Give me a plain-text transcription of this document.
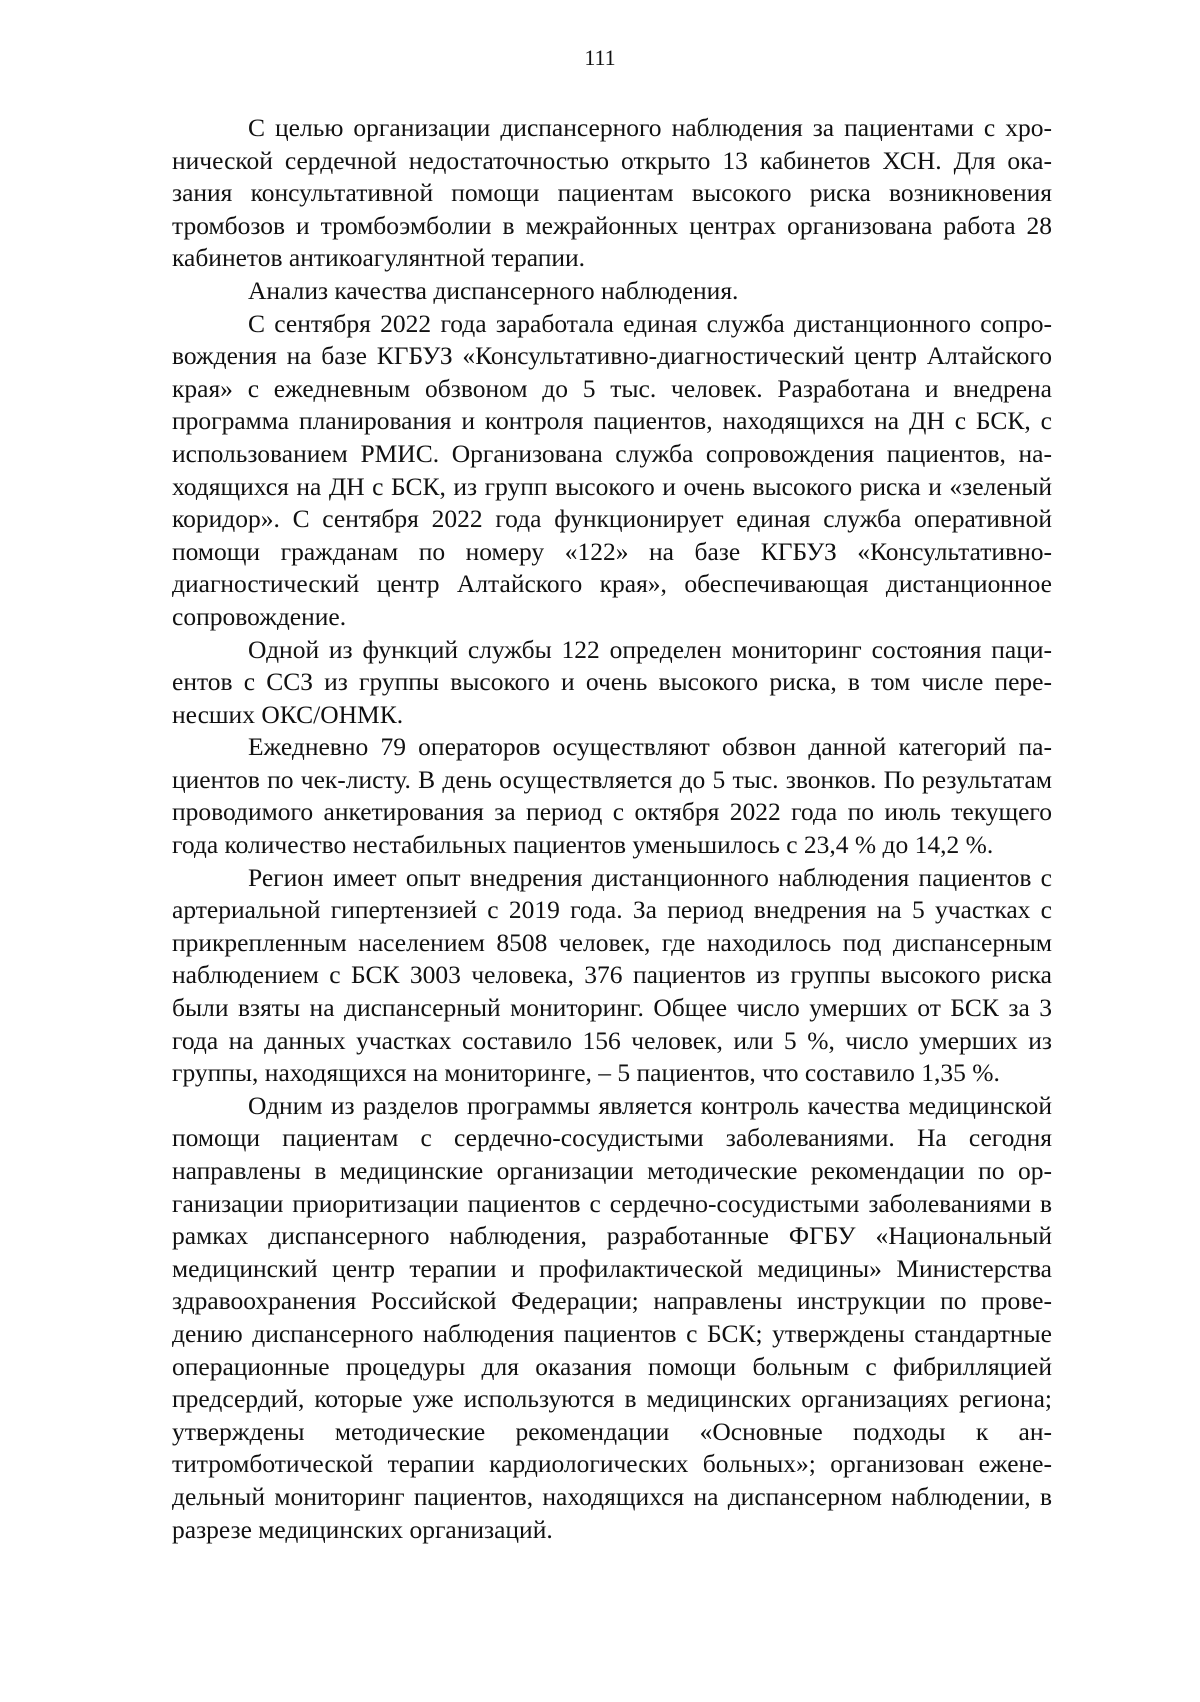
111

С целью организации диспансерного наблюдения за пациентами с хронической сердечной недостаточностью открыто 13 кабинетов ХСН. Для оказания консультативной помощи пациентам высокого риска возникновения тромбозов и тромбоэмболии в межрайонных центрах организована работа 28 кабинетов антикоагулянтной терапии.

Анализ качества диспансерного наблюдения.

С сентября 2022 года заработала единая служба дистанционного сопровождения на базе КГБУЗ «Консультативно-диагностический центр Алтайского края» с ежедневным обзвоном до 5 тыс. человек. Разработана и внедрена программа планирования и контроля пациентов, находящихся на ДН с БСК, с использованием РМИС. Организована служба сопровождения пациентов, находящихся на ДН с БСК, из групп высокого и очень высокого риска и «зеленый коридор». С сентября 2022 года функционирует единая служба оперативной помощи гражданам по номеру «122» на базе КГБУЗ «Консультативно-диагностический центр Алтайского края», обеспечивающая дистанционное сопровождение.

Одной из функций службы 122 определен мониторинг состояния пациентов с ССЗ из группы высокого и очень высокого риска, в том числе перенесших ОКС/ОНМК.

Ежедневно 79 операторов осуществляют обзвон данной категорий пациентов по чек-листу. В день осуществляется до 5 тыс. звонков. По результатам проводимого анкетирования за период с октября 2022 года по июль текущего года количество нестабильных пациентов уменьшилось с 23,4 % до 14,2 %.

Регион имеет опыт внедрения дистанционного наблюдения пациентов с артериальной гипертензией с 2019 года. За период внедрения на 5 участках с прикрепленным населением 8508 человек, где находилось под диспансерным наблюдением с БСК 3003 человека, 376 пациентов из группы высокого риска были взяты на диспансерный мониторинг. Общее число умерших от БСК за 3 года на данных участках составило 156 человек, или 5 %, число умерших из группы, находящихся на мониторинге, – 5 пациентов, что составило 1,35 %.

Одним из разделов программы является контроль качества медицинской помощи пациентам с сердечно-сосудистыми заболеваниями. На сегодня направлены в медицинские организации методические рекомендации по организации приоритизации пациентов с сердечно-сосудистыми заболеваниями в рамках диспансерного наблюдения, разработанные ФГБУ «Национальный медицинский центр терапии и профилактической медицины» Министерства здравоохранения Российской Федерации; направлены инструкции по проведению диспансерного наблюдения пациентов с БСК; утверждены стандартные операционные процедуры для оказания помощи больным с фибрилляцией предсердий, которые уже используются в медицинских организациях региона; утверждены методические рекомендации «Основные подходы к антитромботической терапии кардиологических больных»; организован еженeдельный мониторинг пациентов, находящихся на диспансерном наблюдении, в разрезе медицинских организаций.
